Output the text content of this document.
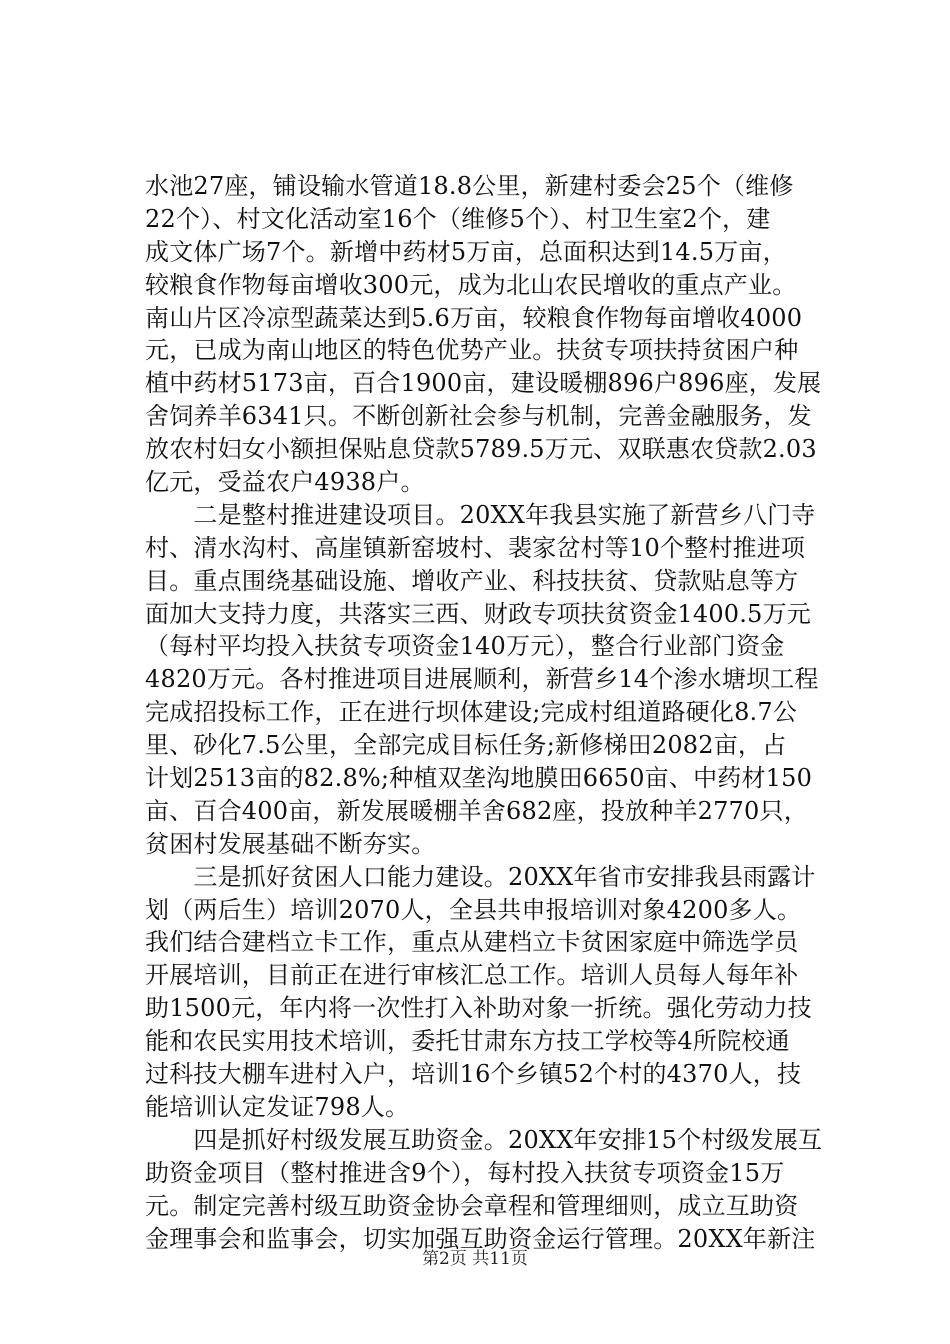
水池27座，铺设输水管道18.8公里，新建村委会25个（维修
22个）、村文化活动室16个（维修5个）、村卫生室2个，建
成文体广场7个。新增中药材5万亩，总面积达到14.5万亩，
较粮食作物每亩增收300元，成为北山农民增收的重点产业。
南山片区冷凉型蔬菜达到5.6万亩，较粮食作物每亩增收4000
元，已成为南山地区的特色优势产业。扶贫专项扶持贫困户种
植中药材5173亩，百合1900亩，建设暖棚896户896座，发展
舍饲养羊6341只。不断创新社会参与机制，完善金融服务，发
放农村妇女小额担保贴息贷款5789.5万元、双联惠农贷款2.03
亿元，受益农户4938户。
　　二是整村推进建设项目。20XX年我县实施了新营乡八门寺
村、清水沟村、高崖镇新窑坡村、裴家岔村等10个整村推进项
目。重点围绕基础设施、增收产业、科技扶贫、贷款贴息等方
面加大支持力度，共落实三西、财政专项扶贫资金1400.5万元
（每村平均投入扶贫专项资金140万元），整合行业部门资金
4820万元。各村推进项目进展顺利，新营乡14个渗水塘坝工程
完成招投标工作，正在进行坝体建设;完成村组道路硬化8.7公
里、砂化7.5公里，全部完成目标任务;新修梯田2082亩，占
计划2513亩的82.8%;种植双垄沟地膜田6650亩、中药材150
亩、百合400亩，新发展暖棚羊舍682座，投放种羊2770只，
贫困村发展基础不断夯实。
　　三是抓好贫困人口能力建设。20XX年省市安排我县雨露计
划（两后生）培训2070人，全县共申报培训对象4200多人。
我们结合建档立卡工作，重点从建档立卡贫困家庭中筛选学员
开展培训，目前正在进行审核汇总工作。培训人员每人每年补
助1500元，年内将一次性打入补助对象一折统。强化劳动力技
能和农民实用技术培训，委托甘肃东方技工学校等4所院校通
过科技大棚车进村入户，培训16个乡镇52个村的4370人，技
能培训认定发证798人。
　　四是抓好村级发展互助资金。20XX年安排15个村级发展互
助资金项目（整村推进含9个），每村投入扶贫专项资金15万
元。制定完善村级互助资金协会章程和管理细则，成立互助资
金理事会和监事会，切实加强互助资金运行管理。20XX年新注
第2页 共11页
